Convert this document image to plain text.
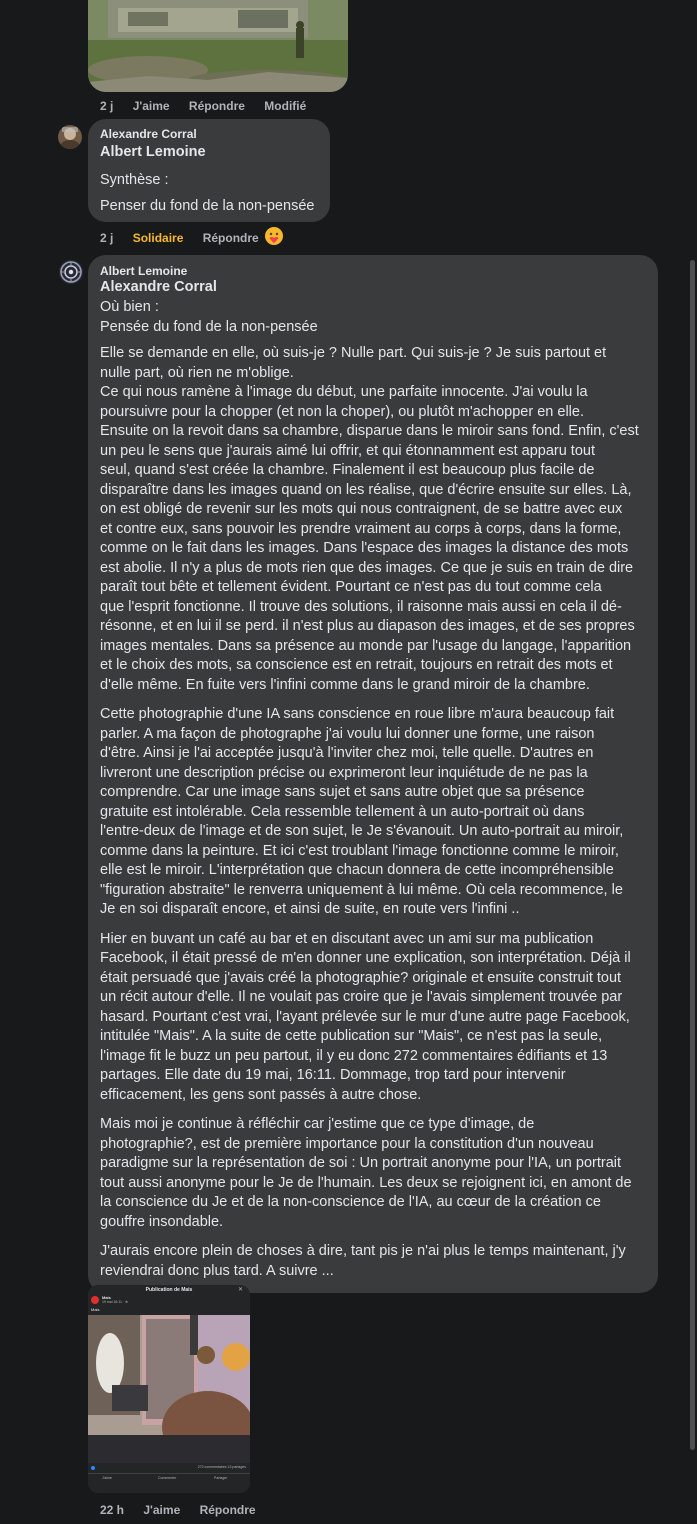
2 j J'aime Répondre Modifié
Alexandre Corral
Albert Lemoine
Synthèse :
Penser du fond de la non-pensée
2 j Solidaire Répondre
Albert Lemoine
Alexandre Corral
Où bien :
Pensée du fond de la non-pensée

Elle se demande en elle, où suis-je ? Nulle part. Qui suis-je ? Je suis partout et
nulle part, où rien ne m'oblige.
Ce qui nous ramène à l'image du début, une parfaite innocente. J'ai voulu la
poursuivre pour la chopper (et non la choper), ou plutôt m'achopper en elle.
Ensuite on la revoit dans sa chambre, disparue dans le miroir sans fond. Enfin, c'est
un peu le sens que j'aurais aimé lui offrir, et qui étonnamment est apparu tout
seul, quand s'est créée la chambre. Finalement il est beaucoup plus facile de
disparaître dans les images quand on les réalise, que d'écrire ensuite sur elles. Là,
on est obligé de revenir sur les mots qui nous contraignent, de se battre avec eux
et contre eux, sans pouvoir les prendre vraiment au corps à corps, dans la forme,
comme on le fait dans les images. Dans l'espace des images la distance des mots
est abolie. Il n'y a plus de mots rien que des images. Ce que je suis en train de dire
paraît tout bête et tellement évident. Pourtant ce n'est pas du tout comme cela
que l'esprit fonctionne. Il trouve des solutions, il raisonne mais aussi en cela il dé-
résonne, et en lui il se perd. il n'est plus au diapason des images, et de ses propres
images mentales. Dans sa présence au monde par l'usage du langage, l'apparition
et le choix des mots, sa conscience est en retrait, toujours en retrait des mots et
d'elle même. En fuite vers l'infini comme dans le grand miroir de la chambre.

Cette photographie d'une IA sans conscience en roue libre m'aura beaucoup fait
parler. A ma façon de photographe j'ai voulu lui donner une forme, une raison
d'être. Ainsi je l'ai acceptée jusqu'à l'inviter chez moi, telle quelle. D'autres en
livreront une description précise ou exprimeront leur inquiétude de ne pas la
comprendre. Car une image sans sujet et sans autre objet que sa présence
gratuite est intolérable. Cela ressemble tellement à un auto-portrait où dans
l'entre-deux de l'image et de son sujet, le Je s'évanouit. Un auto-portrait au miroir,
comme dans la peinture. Et ici c'est troublant l'image fonctionne comme le miroir,
elle est le miroir. L'interprétation que chacun donnera de cette incompréhensible
"figuration abstraite" le renverra uniquement à lui même. Où cela recommence, le
Je en soi disparaît encore, et ainsi de suite, en route vers l'infini ..

Hier en buvant un café au bar et en discutant avec un ami sur ma publication
Facebook, il était pressé de m'en donner une explication, son interprétation. Déjà il
était persuadé que j'avais créé la photographie? originale et ensuite construit tout
un récit autour d'elle. Il ne voulait pas croire que je l'avais simplement trouvée par
hasard. Pourtant c'est vrai, l'ayant prélevée sur le mur d'une autre page Facebook,
intitulée "Mais". A la suite de cette publication sur "Mais", ce n'est pas la seule,
l'image fit le buzz un peu partout, il y eu donc 272 commentaires édifiants et 13
partages. Elle date du 19 mai, 16:11. Dommage, trop tard pour intervenir
efficacement, les gens sont passés à autre chose.

Mais moi je continue à réfléchir car j'estime que ce type d'image, de
photographie?, est de première importance pour la constitution d'un nouveau
paradigme sur la représentation de soi : Un portrait anonyme pour l'IA, un portrait
tout aussi anonyme pour le Je de l'humain. Les deux se rejoignent ici, en amont de
la conscience du Je et de la non-conscience de l'IA, au cœur de la création ce
gouffre insondable.

J'aurais encore plein de choses à dire, tant pis je n'ai plus le temps maintenant, j'y
reviendrai donc plus tard. A suivre ...

Publication de Mais	✕
Mais
19 mai 16:11 · ⊕
Mais
272 commentaires 13 partages
J'aime	Commenter	Partager
22 h J'aime Répondre
